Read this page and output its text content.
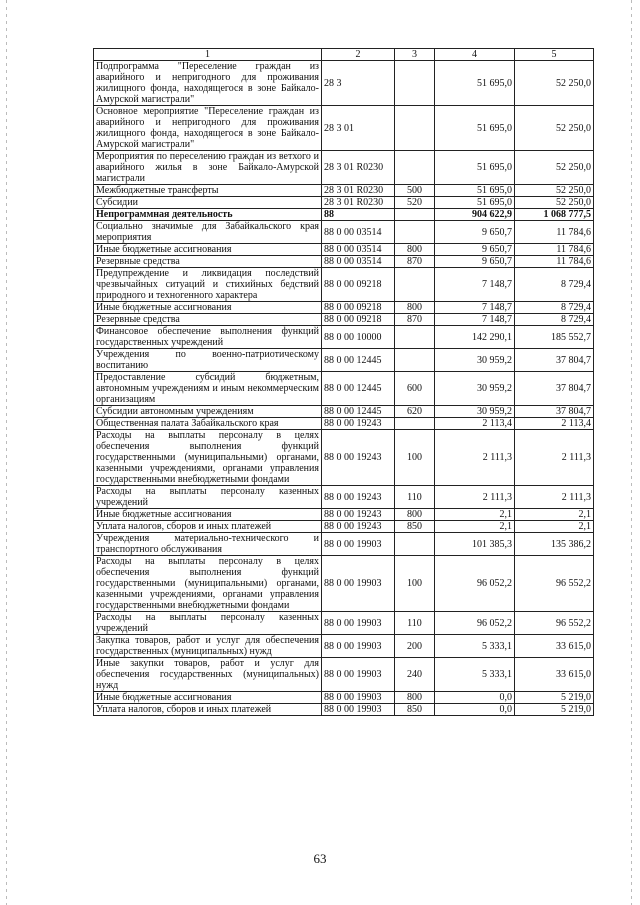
1	2	3	4	5
Подпрограмма "Переселение граждан из аварийного и непригодного для проживания жилищного фонда, находящегося в зоне Байкало-Амурской магистрали"	28 3		51 695,0	52 250,0
Основное мероприятие "Переселение граждан из аварийного и непригодного для проживания жилищного фонда, находящегося в зоне Байкало-Амурской магистрали"	28 3 01		51 695,0	52 250,0
Мероприятия по переселению граждан из ветхого и аварийного жилья в зоне Байкало-Амурской магистрали	28 3 01 R0230		51 695,0	52 250,0
Межбюджетные трансферты	28 3 01 R0230	500	51 695,0	52 250,0
Субсидии	28 3 01 R0230	520	51 695,0	52 250,0
Непрограммная деятельность	88		904 622,9	1 068 777,5
Социально значимые для Забайкальского края мероприятия	88 0 00 03514		9 650,7	11 784,6
Иные бюджетные ассигнования	88 0 00 03514	800	9 650,7	11 784,6
Резервные средства	88 0 00 03514	870	9 650,7	11 784,6
Предупреждение и ликвидация последствий чрезвычайных ситуаций и стихийных бедствий природного и техногенного характера	88 0 00 09218		7 148,7	8 729,4
Иные бюджетные ассигнования	88 0 00 09218	800	7 148,7	8 729,4
Резервные средства	88 0 00 09218	870	7 148,7	8 729,4
Финансовое обеспечение выполнения функций государственных учреждений	88 0 00 10000		142 290,1	185 552,7
Учреждения по военно-патриотическому воспитанию	88 0 00 12445		30 959,2	37 804,7
Предоставление субсидий бюджетным, автономным учреждениям и иным некоммерческим организациям	88 0 00 12445	600	30 959,2	37 804,7
Субсидии автономным учреждениям	88 0 00 12445	620	30 959,2	37 804,7
Общественная палата Забайкальского края	88 0 00 19243		2 113,4	2 113,4
Расходы на выплаты персоналу в целях обеспечения выполнения функций государственными (муниципальными) органами, казенными учреждениями, органами управления государственными внебюджетными фондами	88 0 00 19243	100	2 111,3	2 111,3
Расходы на выплаты персоналу казенных учреждений	88 0 00 19243	110	2 111,3	2 111,3
Иные бюджетные ассигнования	88 0 00 19243	800	2,1	2,1
Уплата налогов, сборов и иных платежей	88 0 00 19243	850	2,1	2,1
Учреждения материально-технического и транспортного обслуживания	88 0 00 19903		101 385,3	135 386,2
Расходы на выплаты персоналу в целях обеспечения выполнения функций государственными (муниципальными) органами, казенными учреждениями, органами управления государственными внебюджетными фондами	88 0 00 19903	100	96 052,2	96 552,2
Расходы на выплаты персоналу казенных учреждений	88 0 00 19903	110	96 052,2	96 552,2
Закупка товаров, работ и услуг для обеспечения государственных (муниципальных) нужд	88 0 00 19903	200	5 333,1	33 615,0
Иные закупки товаров, работ и услуг для обеспечения государственных (муниципальных) нужд	88 0 00 19903	240	5 333,1	33 615,0
Иные бюджетные ассигнования	88 0 00 19903	800	0,0	5 219,0
Уплата налогов, сборов и иных платежей	88 0 00 19903	850	0,0	5 219,0
63
